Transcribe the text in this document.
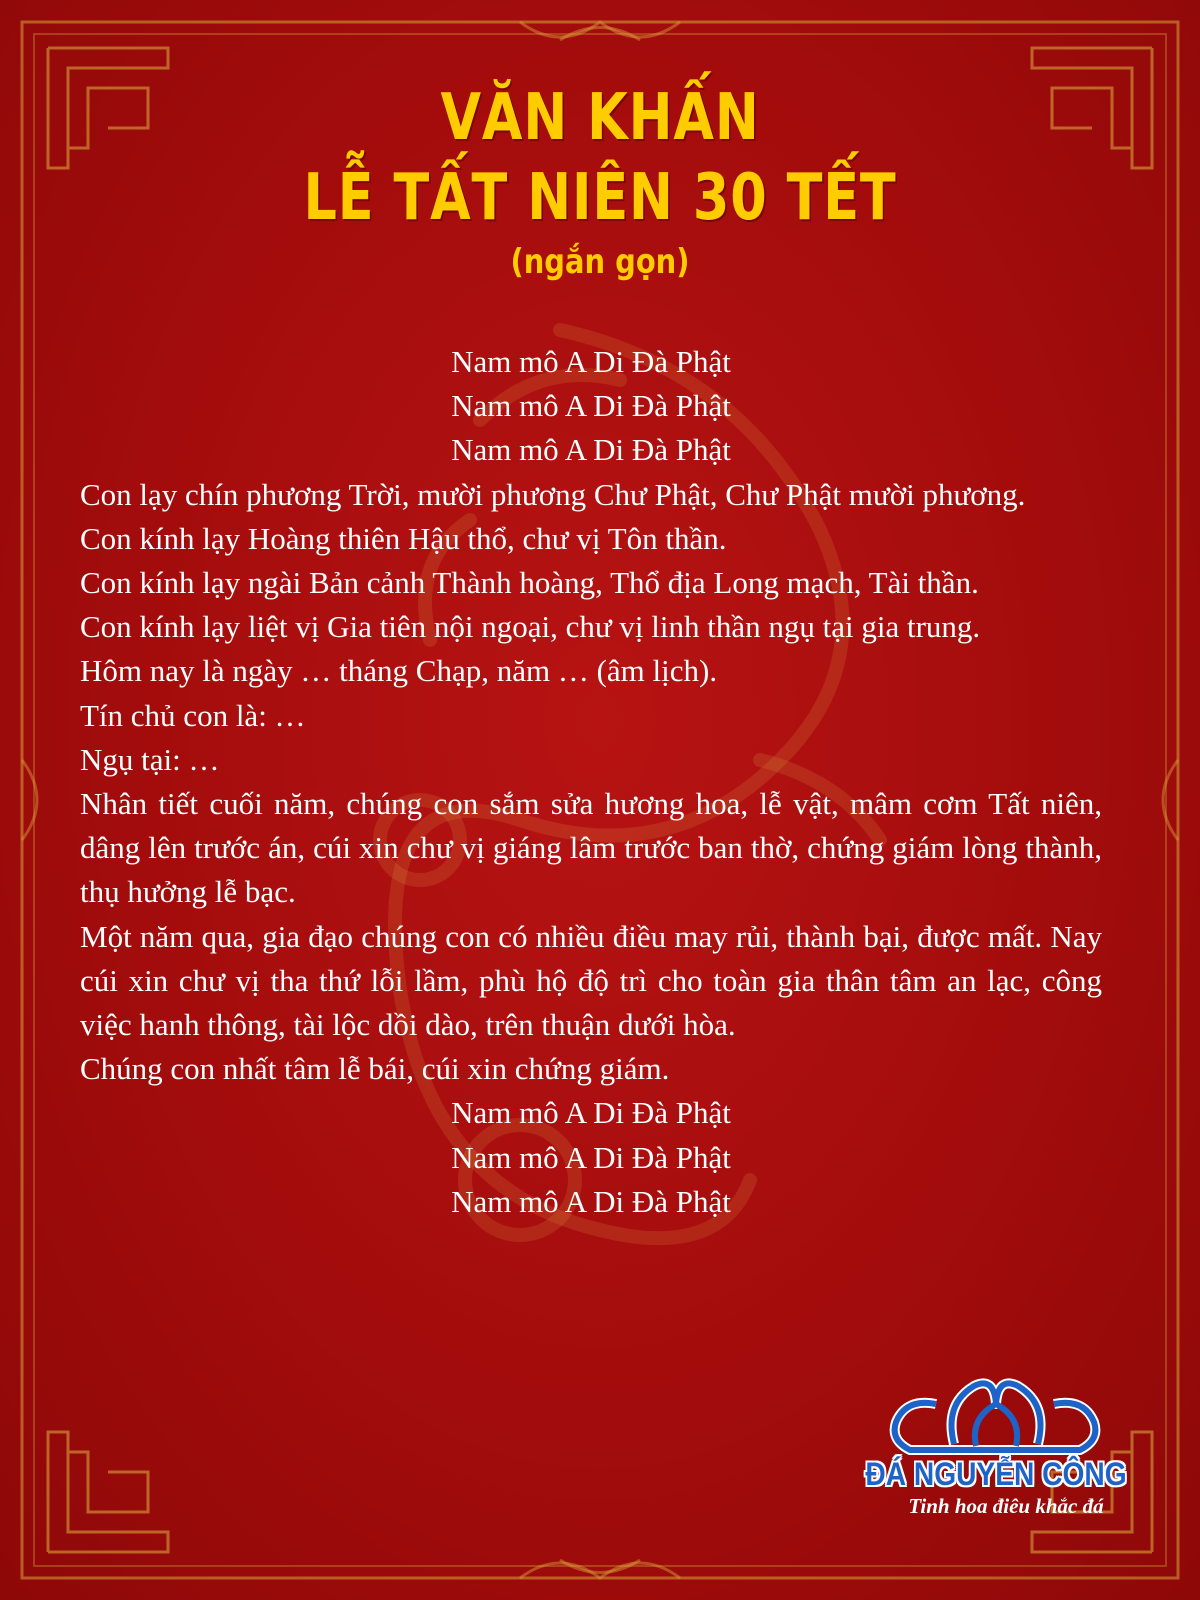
VĂN KHẤN
LỄ TẤT NIÊN 30 TẾT
(ngắn gọn)

Nam mô A Di Đà Phật

Nam mô A Di Đà Phật

Nam mô A Di Đà Phật

Con lạy chín phương Trời, mười phương Chư Phật, Chư Phật mười phương.

Con kính lạy Hoàng thiên Hậu thổ, chư vị Tôn thần.

Con kính lạy ngài Bản cảnh Thành hoàng, Thổ địa Long mạch, Tài thần.

Con kính lạy liệt vị Gia tiên nội ngoại, chư vị linh thần ngụ tại gia trung.

Hôm nay là ngày … tháng Chạp, năm … (âm lịch).

Tín chủ con là: …

Ngụ tại: …

Nhân tiết cuối năm, chúng con sắm sửa hương hoa, lễ vật, mâm cơm Tất niên, dâng lên trước án, cúi xin chư vị giáng lâm trước ban thờ, chứng giám lòng thành, thụ hưởng lễ bạc.

Một năm qua, gia đạo chúng con có nhiều điều may rủi, thành bại, được mất. Nay cúi xin chư vị tha thứ lỗi lầm, phù hộ độ trì cho toàn gia thân tâm an lạc, công việc hanh thông, tài lộc dồi dào, trên thuận dưới hòa.

Chúng con nhất tâm lễ bái, cúi xin chứng giám.

Nam mô A Di Đà Phật

Nam mô A Di Đà Phật

Nam mô A Di Đà Phật

ĐÁ NGUYỄN CÔNG
Tinh hoa điêu khắc đá
